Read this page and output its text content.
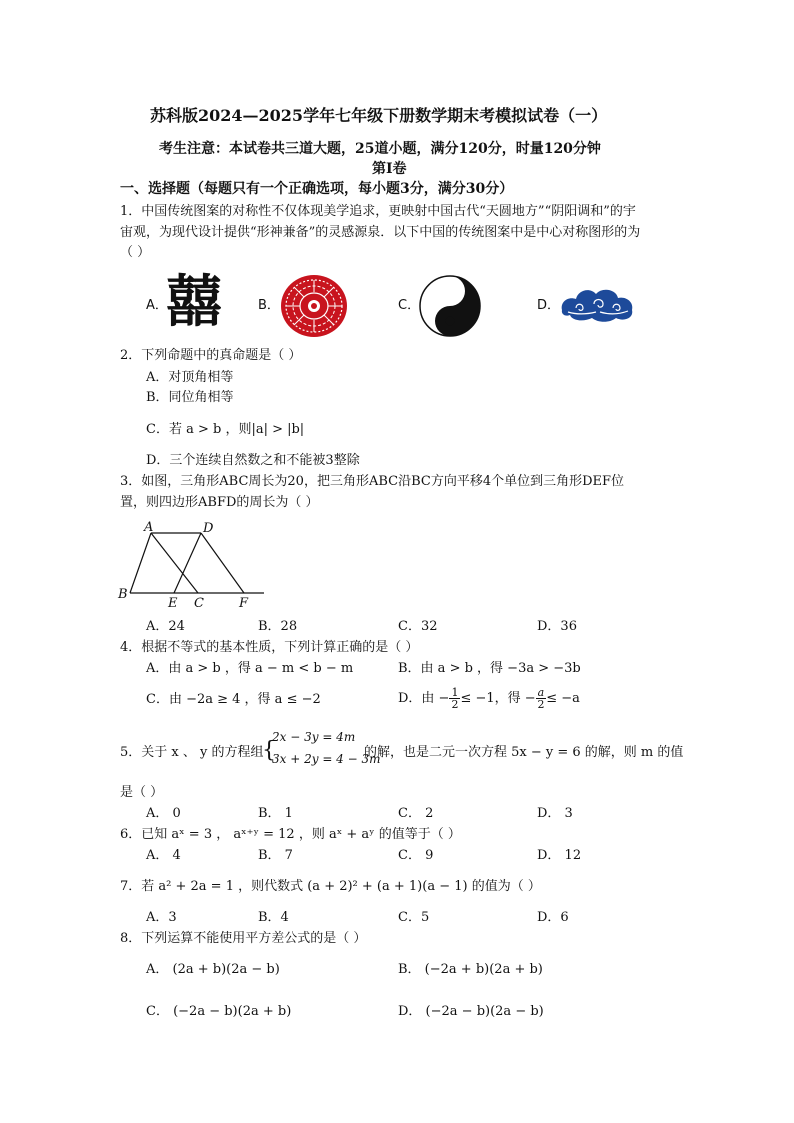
苏科版2024—2025学年七年级下册数学期末考模拟试卷（一）
考生注意：本试卷共三道大题，25道小题，满分120分，时量120分钟
第Ⅰ卷
一、选择题（每题只有一个正确选项，每小题3分，满分30分）
1．中国传统图案的对称性不仅体现美学追求，更映射中国古代“天圆地方”“阴阳调和”的宇
宙观，为现代设计提供“形神兼备”的灵感源泉．以下中国的传统图案中是中心对称图形的为
（ ）
A．
囍	B．	C．	D．
2．下列命题中的真命题是（ ）
A．对顶角相等
B．同位角相等
C．若 a > b ，则|a| > |b|
D．三个连续自然数之和不能被3整除
3．如图，三角形ABC周长为20，把三角形ABC沿BC方向平移4个单位到三角形DEF位
置，则四边形ABFD的周长为（ ）
A	D
B
E C	F
A．24	B．28	C．32	D．36
4．根据不等式的基本性质，下列计算正确的是（ ）
A．由 a > b ，得 a − m < b − m	B．由 a > b ，得 −3a > −3b
C．由 −2a ≥ 4 ，得 a ≤ −2	D．由 − $\frac{1}{2} \le -1$，得 − $\frac{a}{2} \le -a$
5．关于 x 、 y 的方程组
{
2x − 3y = 4m
3x + 2y = 4 − 3m
的解，也是二元一次方程 5x − y = 6 的解，则 m 的值
是（ ）
A． 0	B． 1	C． 2	D． 3
6．已知 aˣ = 3 ， aˣ⁺ʸ = 12 ，则 aˣ + aʸ 的值等于（ ）
A． 4	B． 7	C． 9	D． 12
7．若 a² + 2a = 1 ，则代数式 (a + 2)² + (a + 1)(a − 1) 的值为（ ）
A．3	B．4	C．5	D．6
8．下列运算不能使用平方差公式的是（ ）
A． (2a + b)(2a − b)	B． (−2a + b)(2a + b)
C． (−2a − b)(2a + b)	D． (−2a − b)(2a − b)
